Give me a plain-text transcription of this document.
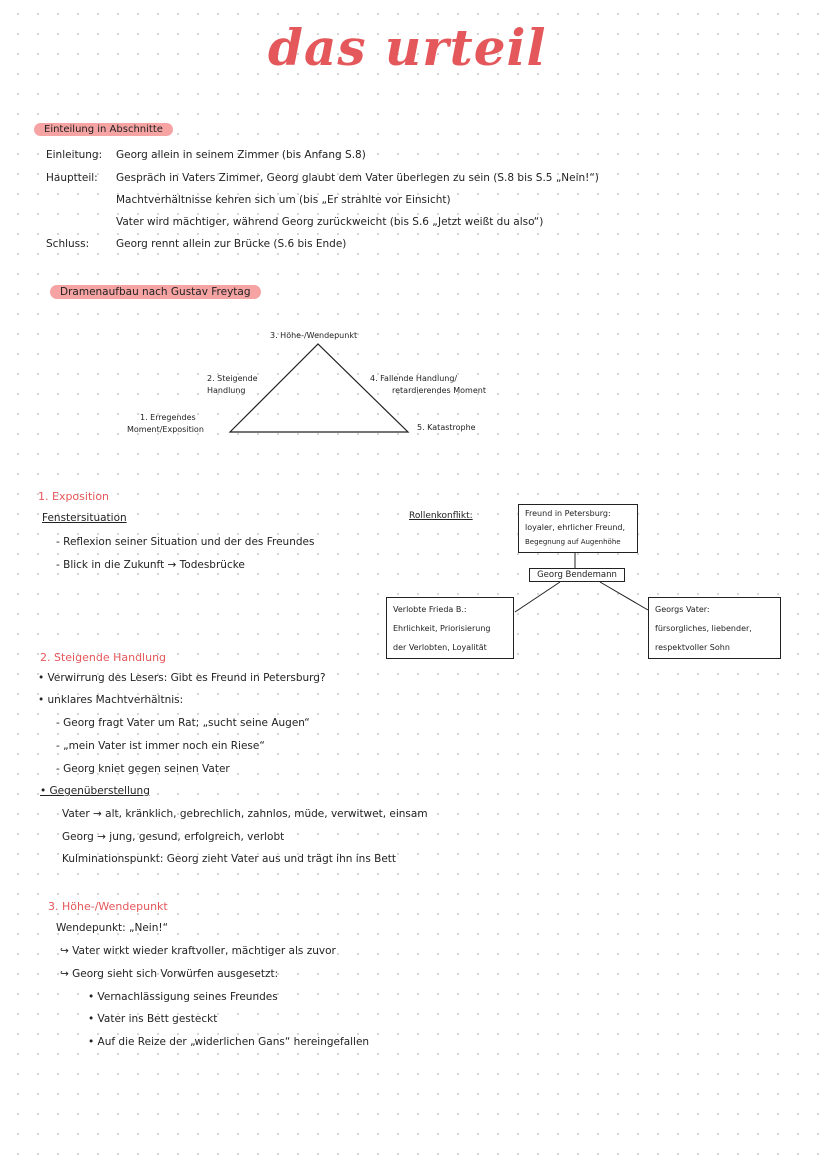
das urteil
Einteilung in Abschnitte
Einleitung: Georg allein in seinem Zimmer (bis Anfang S.8)
Hauptteil: Gespräch in Vaters Zimmer, Georg glaubt dem Vater überlegen zu sein (S.8 bis S.5 „Nein!“)
Machtverhältnisse kehren sich um (bis „Er strahlte vor Einsicht)
Vater wird mächtiger, während Georg zurückweicht (bis S.6 „Jetzt weißt du also“)
Schluss:	Georg rennt allein zur Brücke (S.6 bis Ende)
Dramenaufbau nach Gustav Freytag
3. Höhe-/Wendepunkt
2. Steigende
Handlung
4. Fallende Handlung/
retardierendes Moment
1. Erregendes
Moment/Exposition	5. Katastrophe
1. Exposition
Fenstersituation
- Reflexion seiner Situation und der des Freundes
- Blick in die Zukunft → Todesbrücke
Rollenkonflikt:	Freund in Petersburg:
loyaler, ehrlicher Freund,
Begegnung auf Augenhöhe
Georg Bendemann
Verlobte Frieda B.:
Ehrlichkeit, Priorisierung
der Verlobten, Loyalität
Georgs Vater:
fürsorgliches, liebender,
respektvoller Sohn
2. Steigende Handlung
• Verwirrung des Lesers: Gibt es Freund in Petersburg?
• unklares Machtverhältnis:
- Georg fragt Vater um Rat; „sucht seine Augen“
- „mein Vater ist immer noch ein Riese“
- Georg kniet gegen seinen Vater
• Gegenüberstellung
Vater → alt, kränklich, gebrechlich, zahnlos, müde, verwitwet, einsam
Georg → jung, gesund, erfolgreich, verlobt
Kulminationspunkt: Georg zieht Vater aus und trägt ihn ins Bett
3. Höhe-/Wendepunkt
Wendepunkt: „Nein!“
↪ Vater wirkt wieder kraftvoller, mächtiger als zuvor
↪ Georg sieht sich Vorwürfen ausgesetzt:
• Vernachlässigung seines Freundes
• Vater ins Bett gesteckt
• Auf die Reize der „widerlichen Gans“ hereingefallen
